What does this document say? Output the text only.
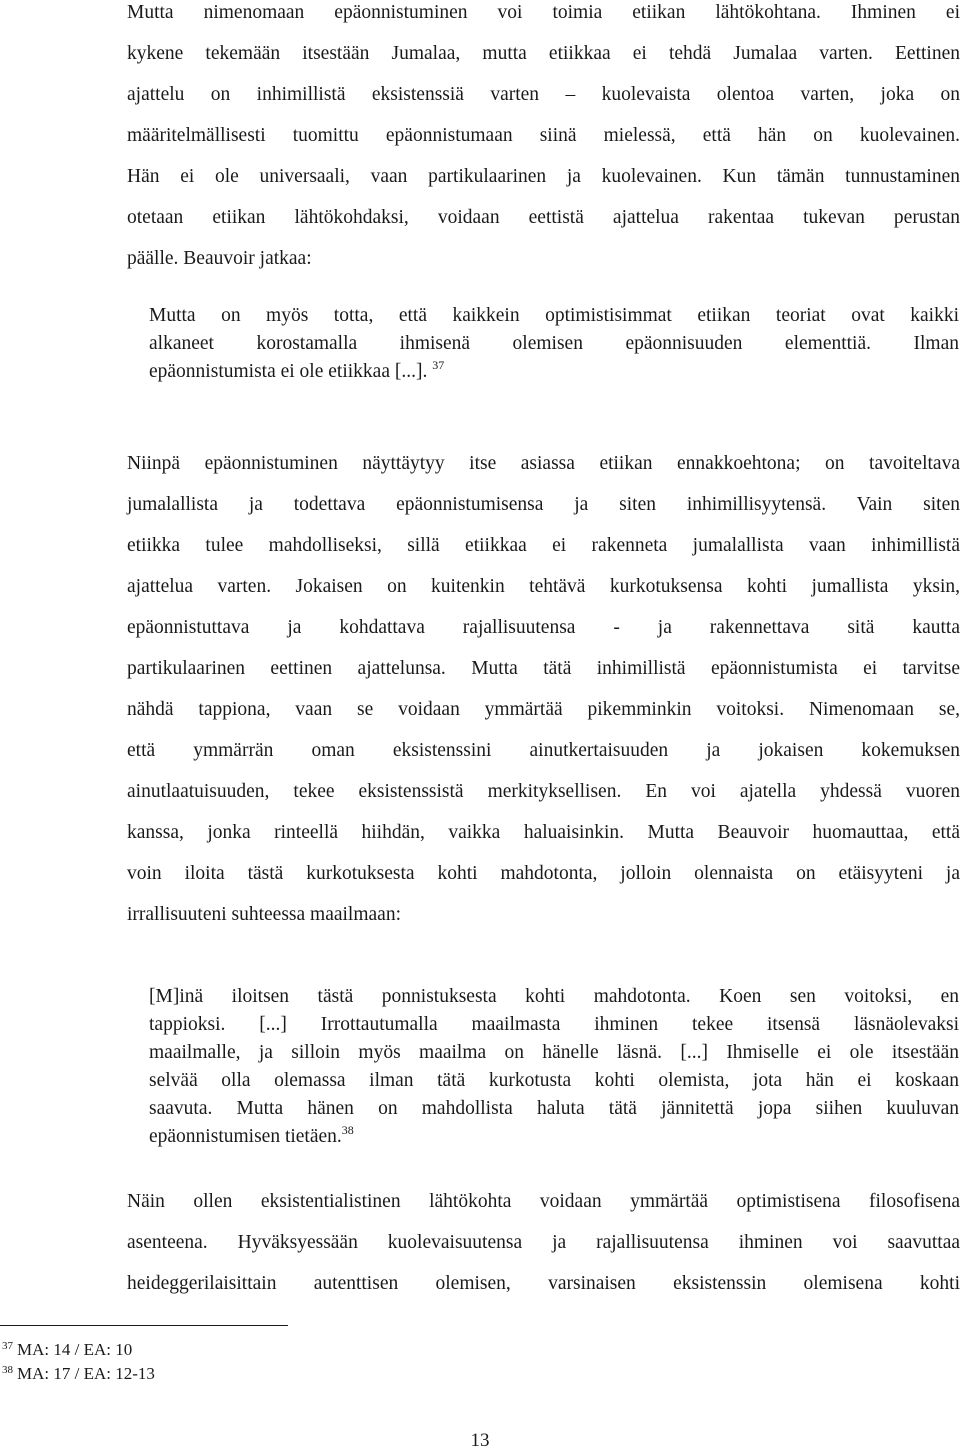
Mutta nimenomaan epäonnistuminen voi toimia etiikan lähtökohtana. Ihminen ei
kykene tekemään itsestään Jumalaa, mutta etiikkaa ei tehdä Jumalaa varten. Eettinen
ajattelu on inhimillistä eksistenssiä varten – kuolevaista olentoa varten, joka on
määritelmällisesti tuomittu epäonnistumaan siinä mielessä, että hän on kuolevainen.
Hän ei ole universaali, vaan partikulaarinen ja kuolevainen. Kun tämän tunnustaminen
otetaan etiikan lähtökohdaksi, voidaan eettistä ajattelua rakentaa tukevan perustan
päälle. Beauvoir jatkaa:
Mutta on myös totta, että kaikkein optimistisimmat etiikan teoriat ovat kaikki
alkaneet korostamalla ihmisenä olemisen epäonnisuuden elementtiä. Ilman
epäonnistumista ei ole etiikkaa [...]. $^{37}$
Niinpä epäonnistuminen näyttäytyy itse asiassa etiikan ennakkoehtona; on tavoiteltava
jumalallista ja todettava epäonnistumisensa ja siten inhimillisyytensä. Vain siten
etiikka tulee mahdolliseksi, sillä etiikkaa ei rakenneta jumalallista vaan inhimillistä
ajattelua varten. Jokaisen on kuitenkin tehtävä kurkotuksensa kohti jumallista yksin,
epäonnistuttava ja kohdattava rajallisuutensa - ja rakennettava sitä kautta
partikulaarinen eettinen ajattelunsa. Mutta tätä inhimillistä epäonnistumista ei tarvitse
nähdä tappiona, vaan se voidaan ymmärtää pikemminkin voitoksi. Nimenomaan se,
että ymmärrän oman eksistenssini ainutkertaisuuden ja jokaisen kokemuksen
ainutlaatuisuuden, tekee eksistenssistä merkityksellisen. En voi ajatella yhdessä vuoren
kanssa, jonka rinteellä hiihdän, vaikka haluaisinkin. Mutta Beauvoir huomauttaa, että
voin iloita tästä kurkotuksesta kohti mahdotonta, jolloin olennaista on etäisyyteni ja
irrallisuuteni suhteessa maailmaan:
[M]inä iloitsen tästä ponnistuksesta kohti mahdotonta. Koen sen voitoksi, en
tappioksi. [...] Irrottautumalla maailmasta ihminen tekee itsensä läsnäolevaksi
maailmalle, ja silloin myös maailma on hänelle läsnä. [...] Ihmiselle ei ole itsestään
selvää olla olemassa ilman tätä kurkotusta kohti olemista, jota hän ei koskaan
saavuta. Mutta hänen on mahdollista haluta tätä jännitettä jopa siihen kuuluvan
epäonnistumisen tietäen.$^{38}$
Näin ollen eksistentialistinen lähtökohta voidaan ymmärtää optimistisena filosofisena
asenteena. Hyväksyessään kuolevaisuutensa ja rajallisuutensa ihminen voi saavuttaa
heideggerilaisittain autenttisen olemisen, varsinaisen eksistenssin olemisena kohti
$^{37}$ MA: 14 / EA: 10
$^{38}$ MA: 17 / EA: 12-13
13
